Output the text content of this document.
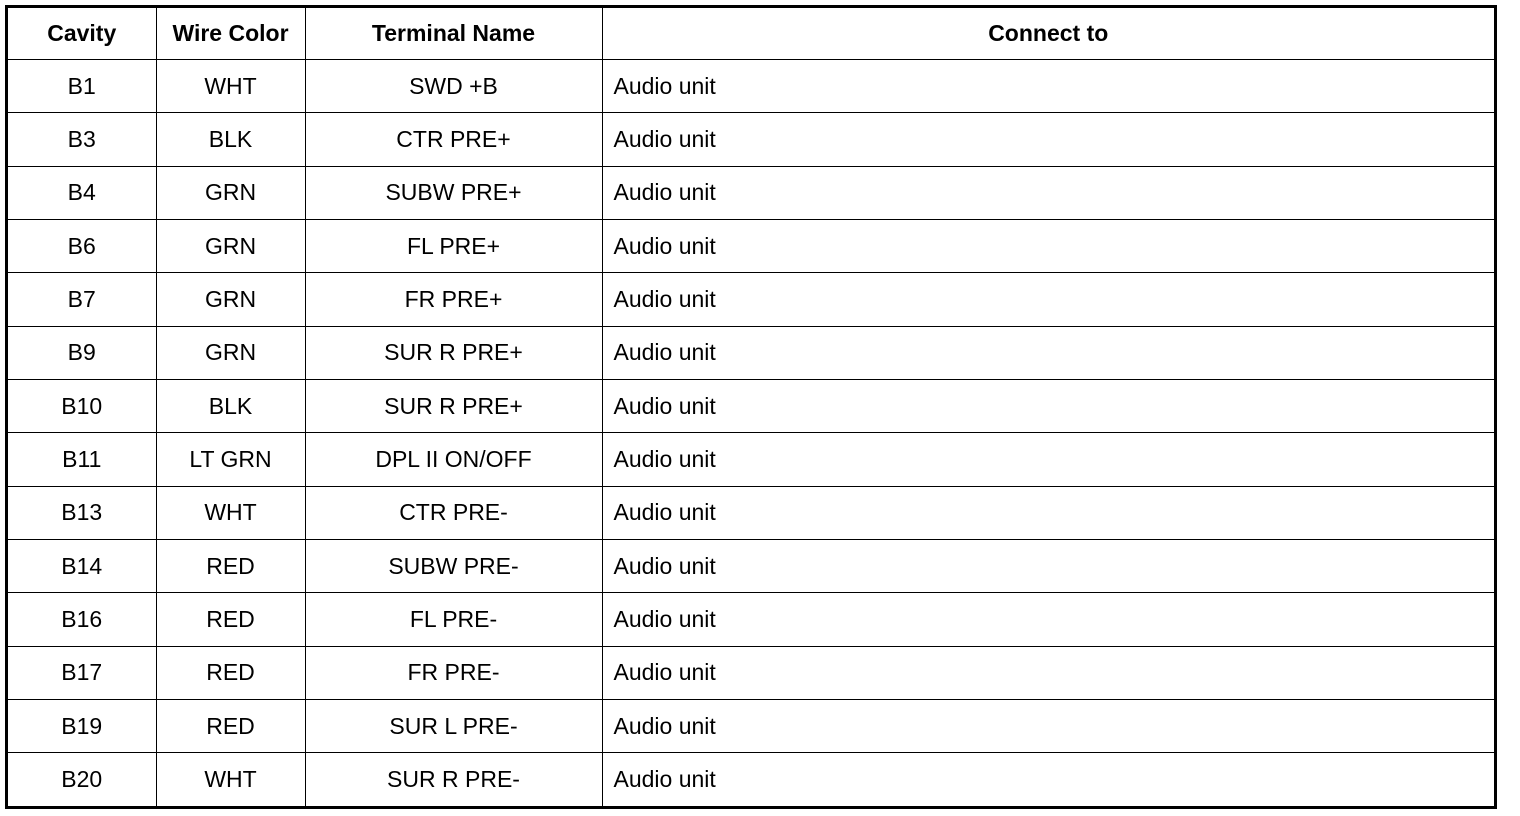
Cavity	Wire Color	Terminal Name	Connect to
B1	WHT	SWD +B	Audio unit
B3	BLK	CTR PRE+	Audio unit
B4	GRN	SUBW PRE+	Audio unit
B6	GRN	FL PRE+	Audio unit
B7	GRN	FR PRE+	Audio unit
B9	GRN	SUR R PRE+	Audio unit
B10	BLK	SUR R PRE+	Audio unit
B11	LT GRN	DPL II ON/OFF	Audio unit
B13	WHT	CTR PRE-	Audio unit
B14	RED	SUBW PRE-	Audio unit
B16	RED	FL PRE-	Audio unit
B17	RED	FR PRE-	Audio unit
B19	RED	SUR L PRE-	Audio unit
B20	WHT	SUR R PRE-	Audio unit
